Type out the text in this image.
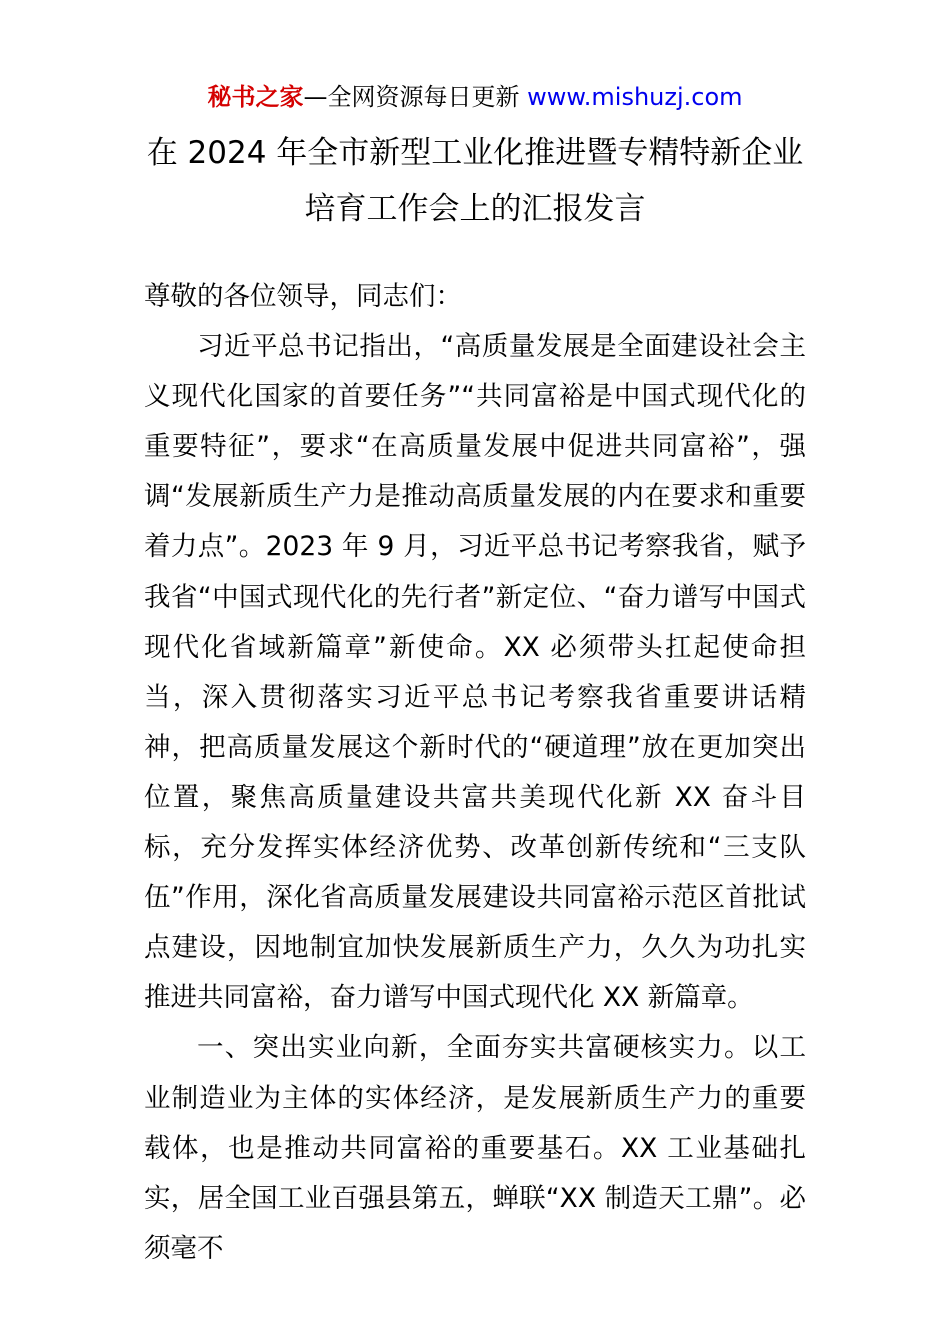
秘书之家—全网资源每日更新 www.mishuzj.com
在 2024 年全市新型工业化推进暨专精特新企业
培育工作会上的汇报发言

尊敬的各位领导，同志们：

习近平总书记指出，“高质量发展是全面建设社会主义现代化国家的首要任务”“共同富裕是中国式现代化的重要特征”，要求“在高质量发展中促进共同富裕”，强调“发展新质生产力是推动高质量发展的内在要求和重要着力点”。2023 年 9 月，习近平总书记考察我省，赋予我省“中国式现代化的先行者”新定位、“奋力谱写中国式现代化省域新篇章”新使命。XX 必须带头扛起使命担当，深入贯彻落实习近平总书记考察我省重要讲话精神，把高质量发展这个新时代的“硬道理”放在更加突出位置，聚焦高质量建设共富共美现代化新 XX 奋斗目标，充分发挥实体经济优势、改革创新传统和“三支队伍”作用，深化省高质量发展建设共同富裕示范区首批试点建设，因地制宜加快发展新质生产力，久久为功扎实推进共同富裕，奋力谱写中国式现代化 XX 新篇章。

一、突出实业向新，全面夯实共富硬核实力。以工业制造业为主体的实体经济，是发展新质生产力的重要载体，也是推动共同富裕的重要基石。XX 工业基础扎实，居全国工业百强县第五，蝉联“XX 制造天工鼎”。必须毫不
